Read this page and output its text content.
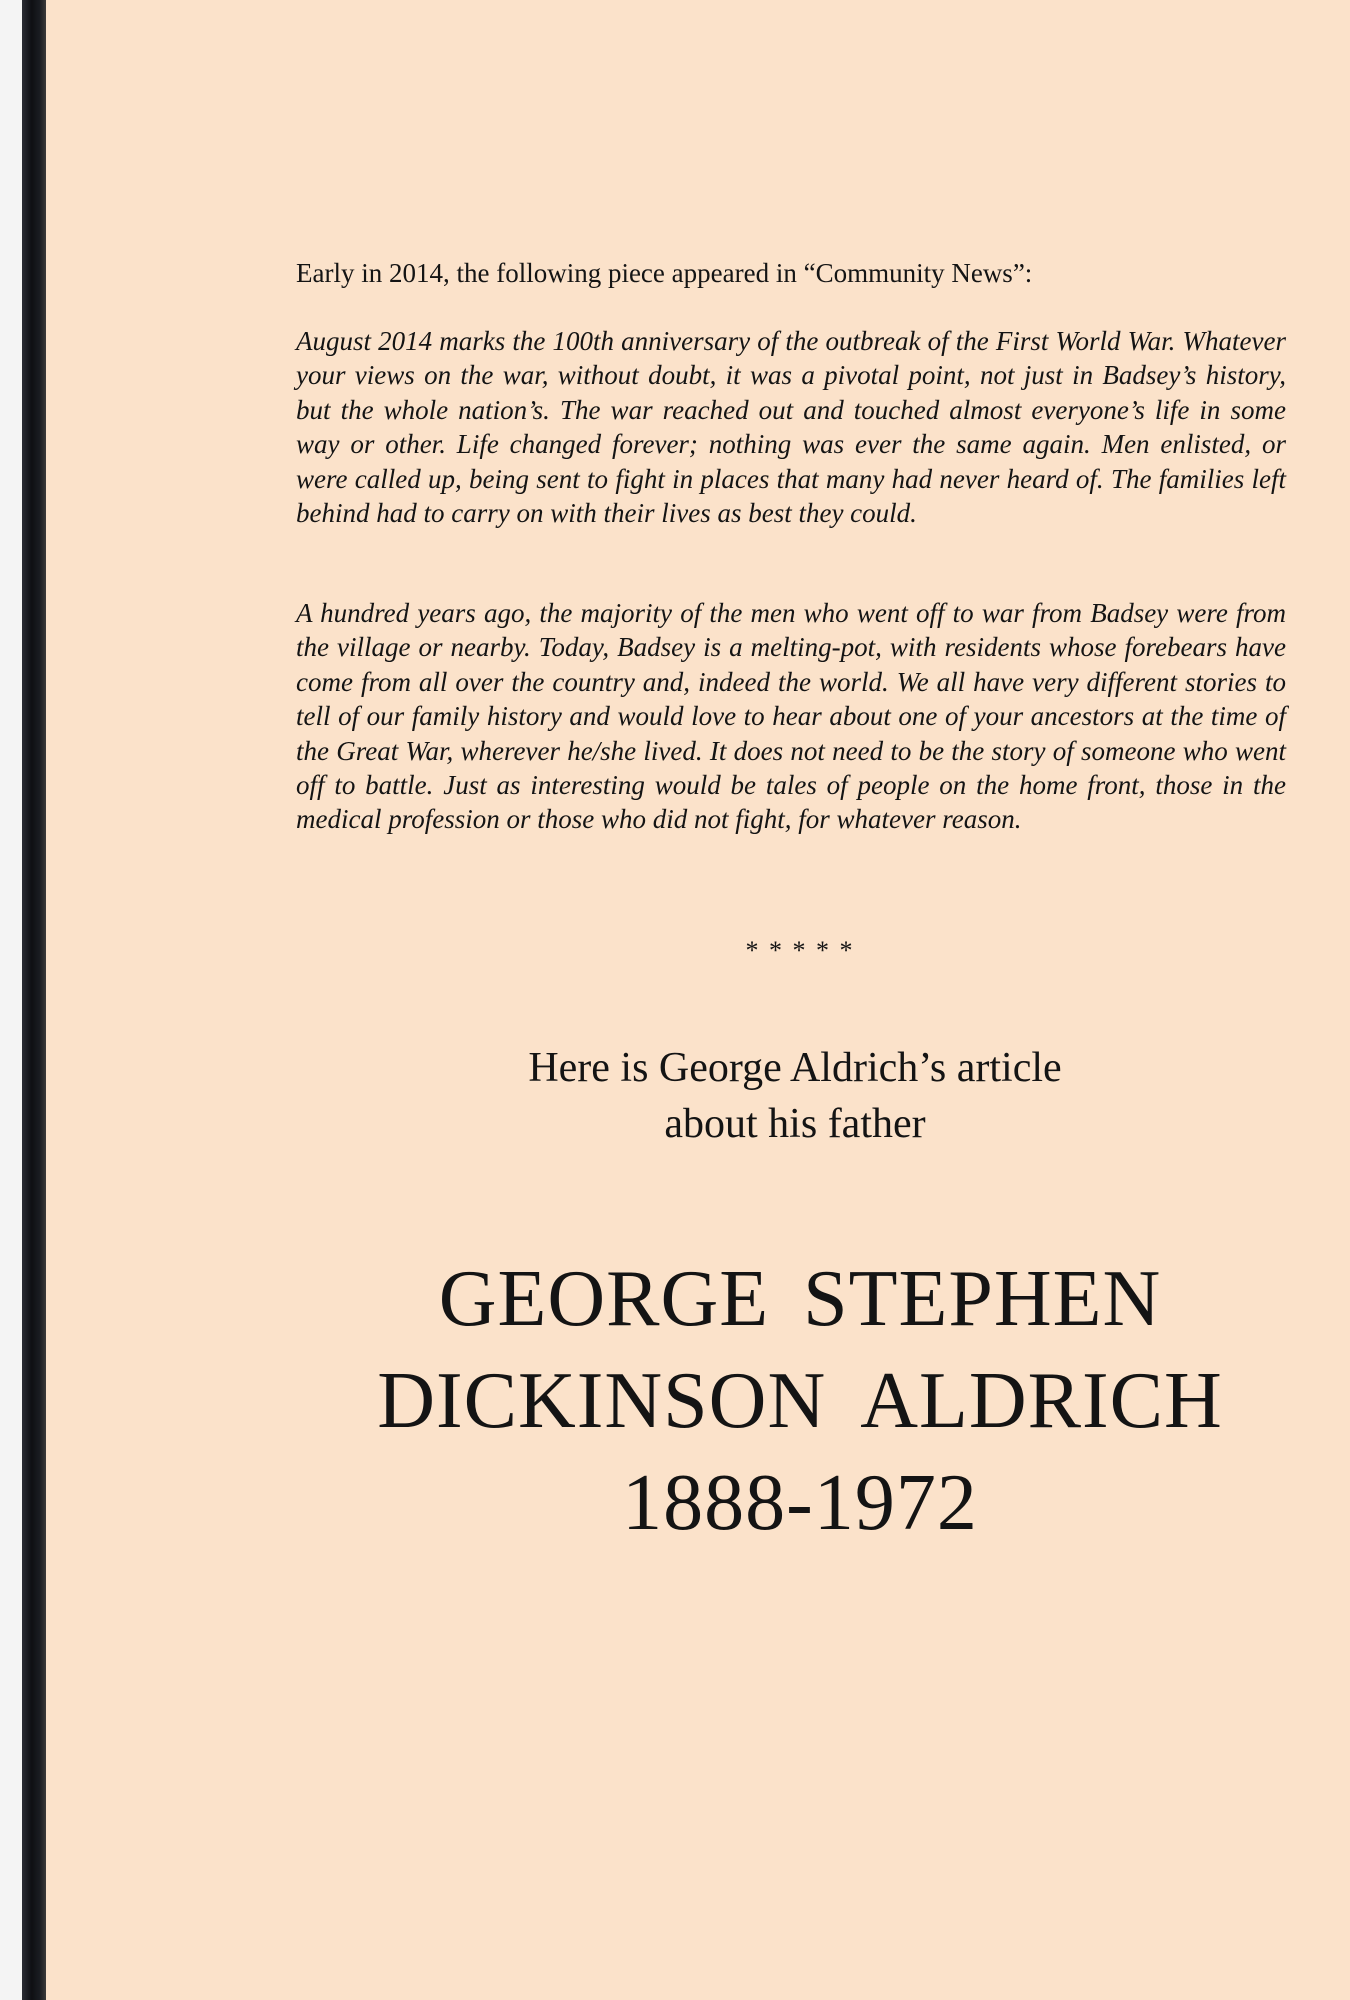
Early in 2014, the following piece appeared in “Community News”:

August 2014 marks the 100th anniversary of the outbreak of the First World War. Whatever your views on the war, without doubt, it was a pivotal point, not just in Badsey’s history, but the whole nation’s. The war reached out and touched almost everyone’s life in some way or other. Life changed forever; nothing was ever the same again. Men enlisted, or were called up, being sent to fight in places that many had never heard of. The families left behind had to carry on with their lives as best they could.

A hundred years ago, the majority of the men who went off to war from Badsey were from the village or nearby. Today, Badsey is a melting-pot, with residents whose forebears have come from all over the country and, indeed the world. We all have very different stories to tell of our family history and would love to hear about one of your ancestors at the time of the Great War, wherever he/she lived. It does not need to be the story of someone who went off to battle. Just as interesting would be tales of people on the home front, those in the medical profession or those who did not fight, for whatever reason.

* * * * *

Here is George Aldrich’s article
about his father
GEORGE STEPHEN
DICKINSON ALDRICH
1888-1972
